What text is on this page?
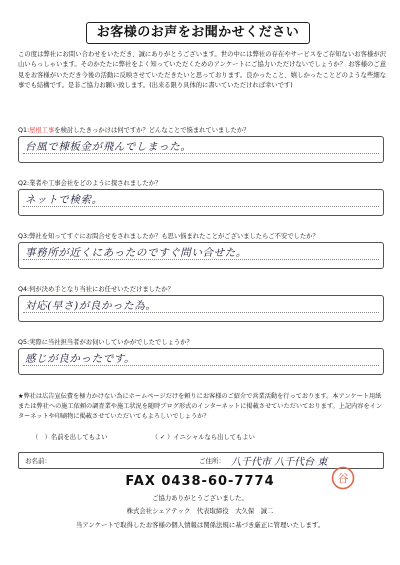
お客様のお声をお聞かせください
この度は弊社にお問い合わせをいただき、誠にありがとうございます。世の中には弊社の存在やサービスをご存知ないお客様が沢山いらっしゃいます。そのかたたに弊社をよく知っていただくためのアンケートにご協力いただけないでしょうか？ お客様のご意見をお客様がいただき今後の活動に反映させていただきたいと思っております。良かったこと、嬉しかったことどのような些細な事でも結構です。是非ご協力お願い致します。(出来る限り具体的に書いていただければ幸いです)
Q1:屋根工事を検討したきっかけは何ですか？どんなことで悩まれていましたか？
台風で棟板金が飛んでしまった。
Q2:業者や工事会社をどのように探されましたか？
ネットで検索。
Q3:弊社を知ってすぐにお問合せをされましたか？も思い悩まれたことがございましたらご不安でしたか？
事務所が近くにあったのですぐ問い合せた。
Q4:何が決め手となり当社にお任せいただけましたか？
対応(早さ)が良かった為。
Q5:実際に当社担当者がお伺いしていかがでしたでしょうか？
感じが良かったです。
★弊社は広告宣伝費を極力かけない為にホームページだけを頼りにお客様のご紹介で営業活動を行っております。本アンケート用紙または弊社への施工依頼の調査業や施工状況を随時ブログ形式のインターネットに掲載させていただいております。上記内容をインターネットや印刷物に掲載させていただいてもよろしいでしょうか？
（　）名前を出してもよい	（ ✓ ）イニシャルなら出してもよい
お名前：	ご住所： 八千代市 八千代台 東
FAX 0438-60-7774	谷
ご協力ありがとうございました。
株式会社シェアテック　代表取締役　大久保　誠二
当アンケートで取得したお客様の個人情報は関係法規に基づき厳正に管理いたします。
